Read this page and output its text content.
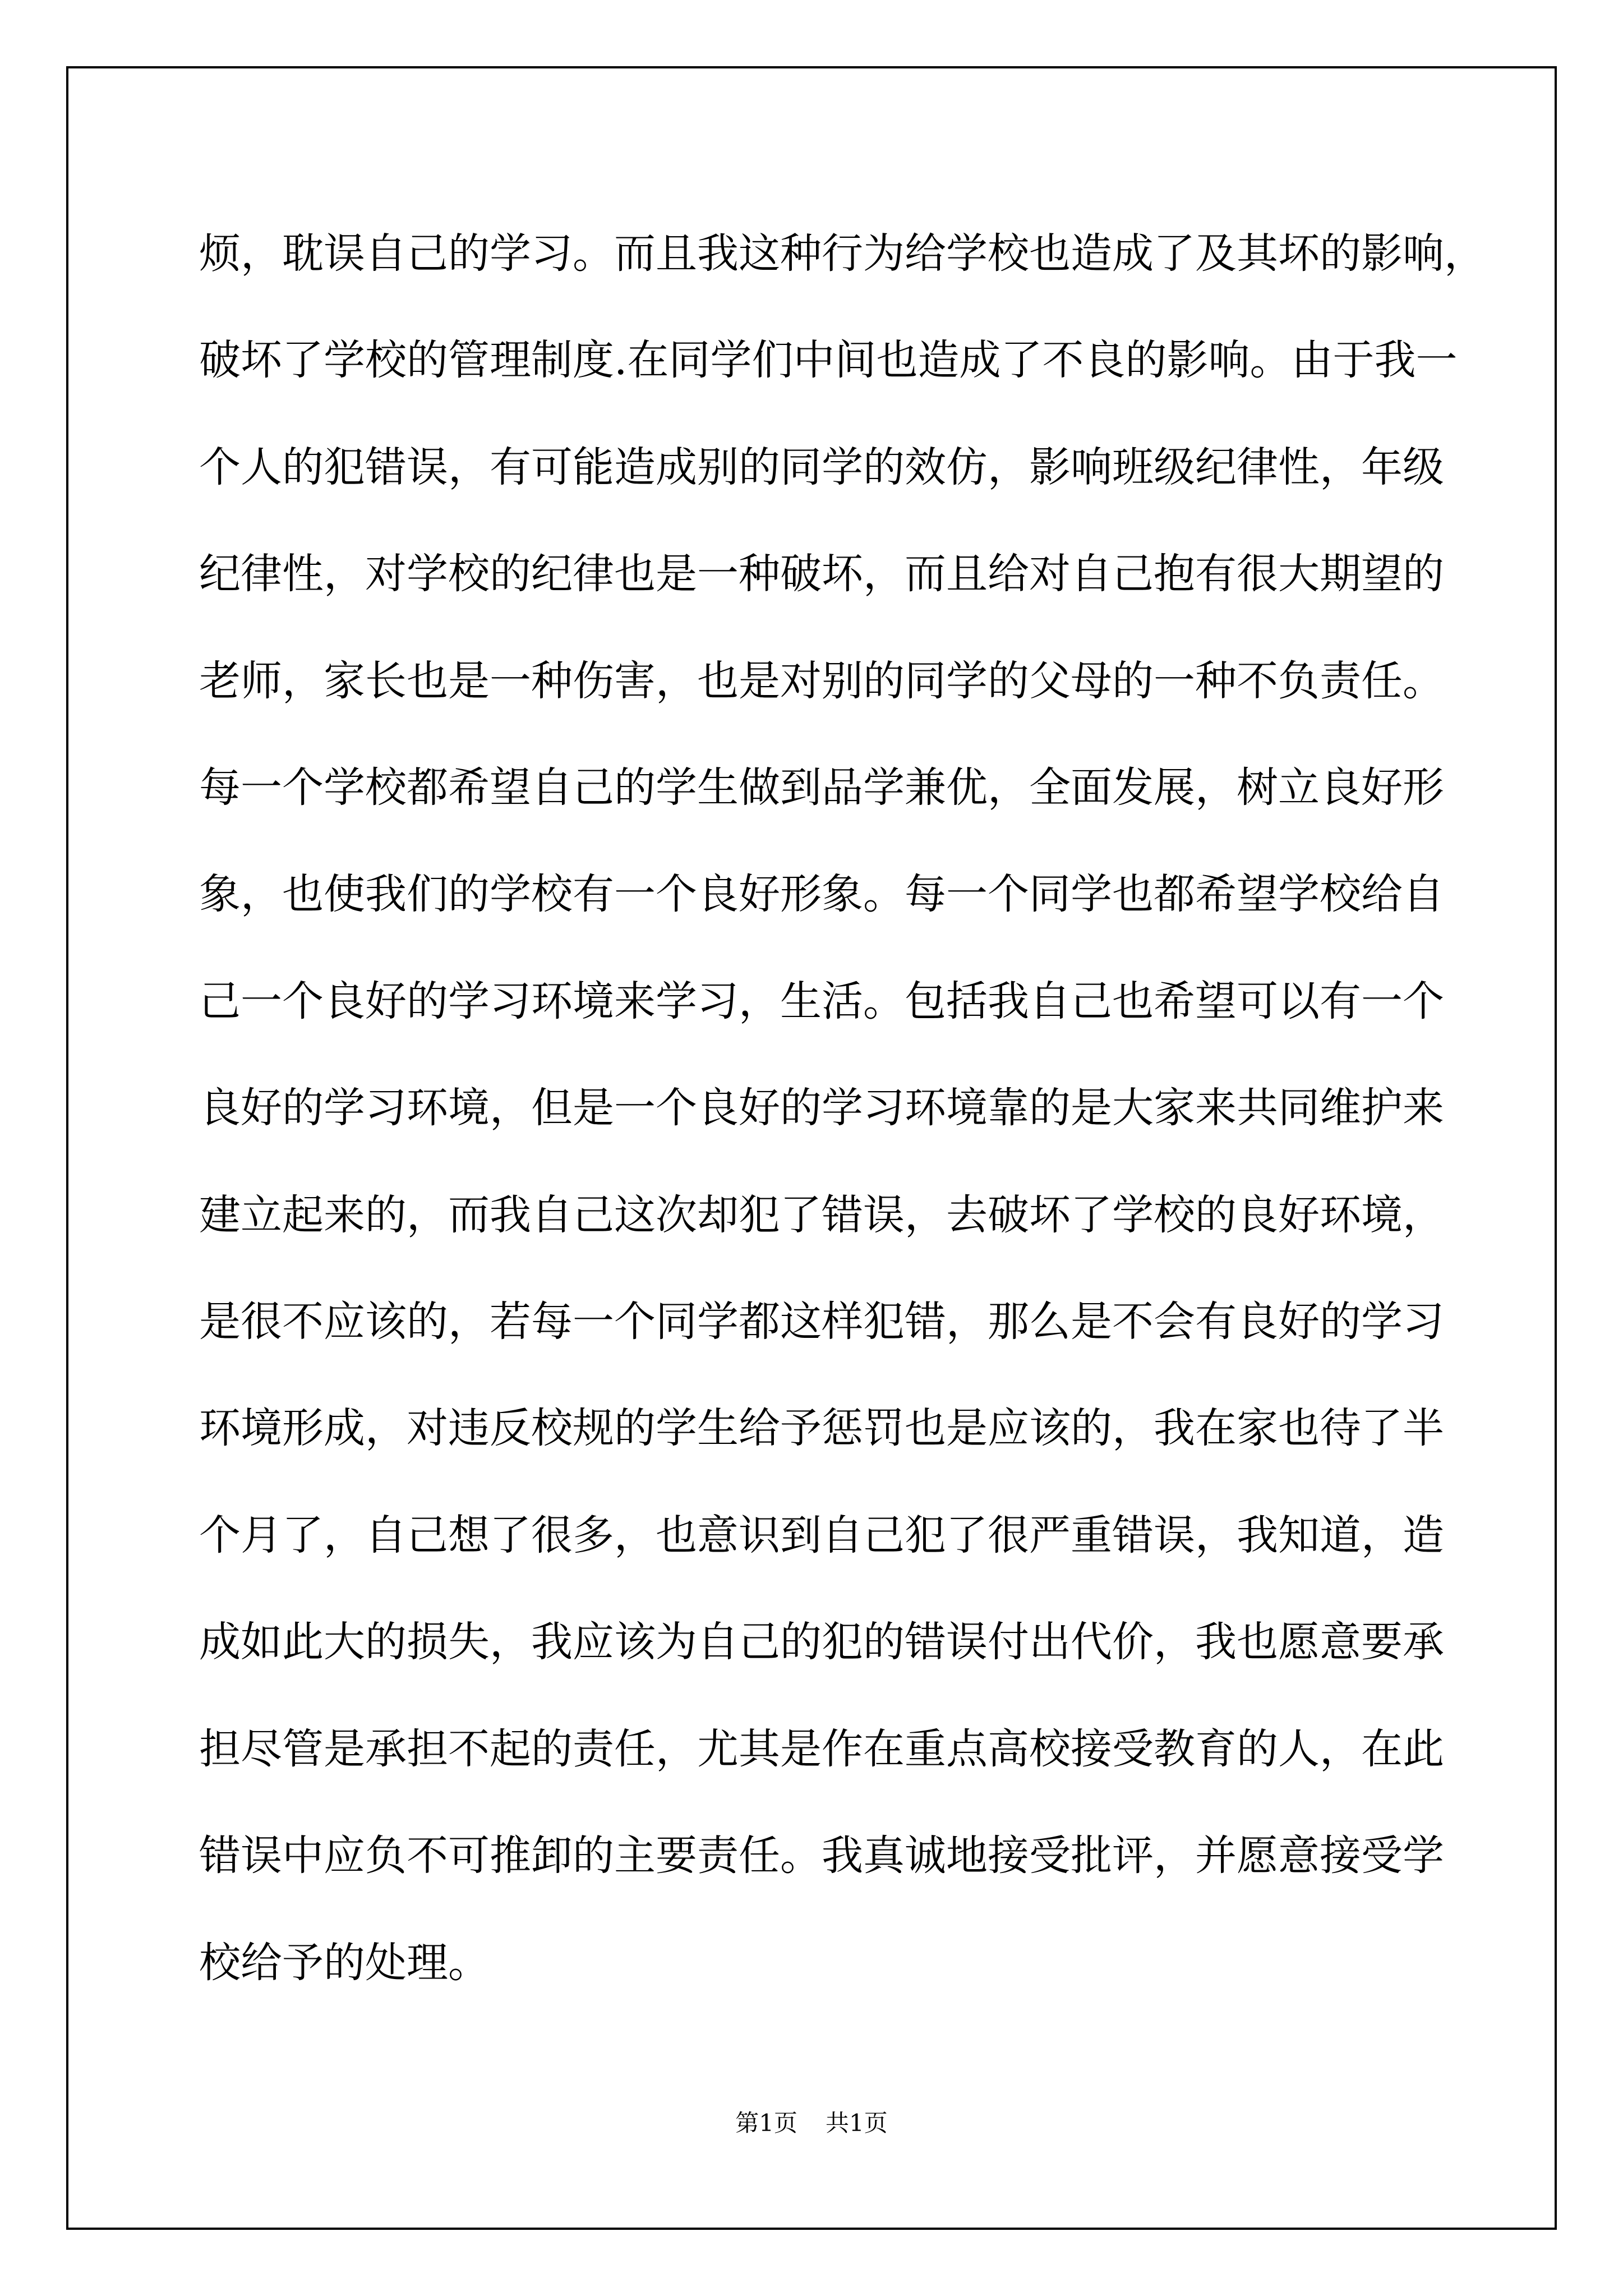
烦，耽误自己的学习。而且我这种行为给学校也造成了及其坏的影响，
破坏了学校的管理制度.在同学们中间也造成了不良的影响。由于我一
个人的犯错误，有可能造成别的同学的效仿，影响班级纪律性，年级
纪律性，对学校的纪律也是一种破坏，而且给对自己抱有很大期望的
老师，家长也是一种伤害，也是对别的同学的父母的一种不负责任。
每一个学校都希望自己的学生做到品学兼优，全面发展，树立良好形
象，也使我们的学校有一个良好形象。每一个同学也都希望学校给自
己一个良好的学习环境来学习，生活。包括我自己也希望可以有一个
良好的学习环境，但是一个良好的学习环境靠的是大家来共同维护来
建立起来的，而我自己这次却犯了错误，去破坏了学校的良好环境，
是很不应该的，若每一个同学都这样犯错，那么是不会有良好的学习
环境形成，对违反校规的学生给予惩罚也是应该的，我在家也待了半
个月了，自己想了很多，也意识到自己犯了很严重错误，我知道，造
成如此大的损失，我应该为自己的犯的错误付出代价，我也愿意要承
担尽管是承担不起的责任，尤其是作在重点高校接受教育的人，在此
错误中应负不可推卸的主要责任。我真诚地接受批评，并愿意接受学
校给予的处理。
第1页 共1页
